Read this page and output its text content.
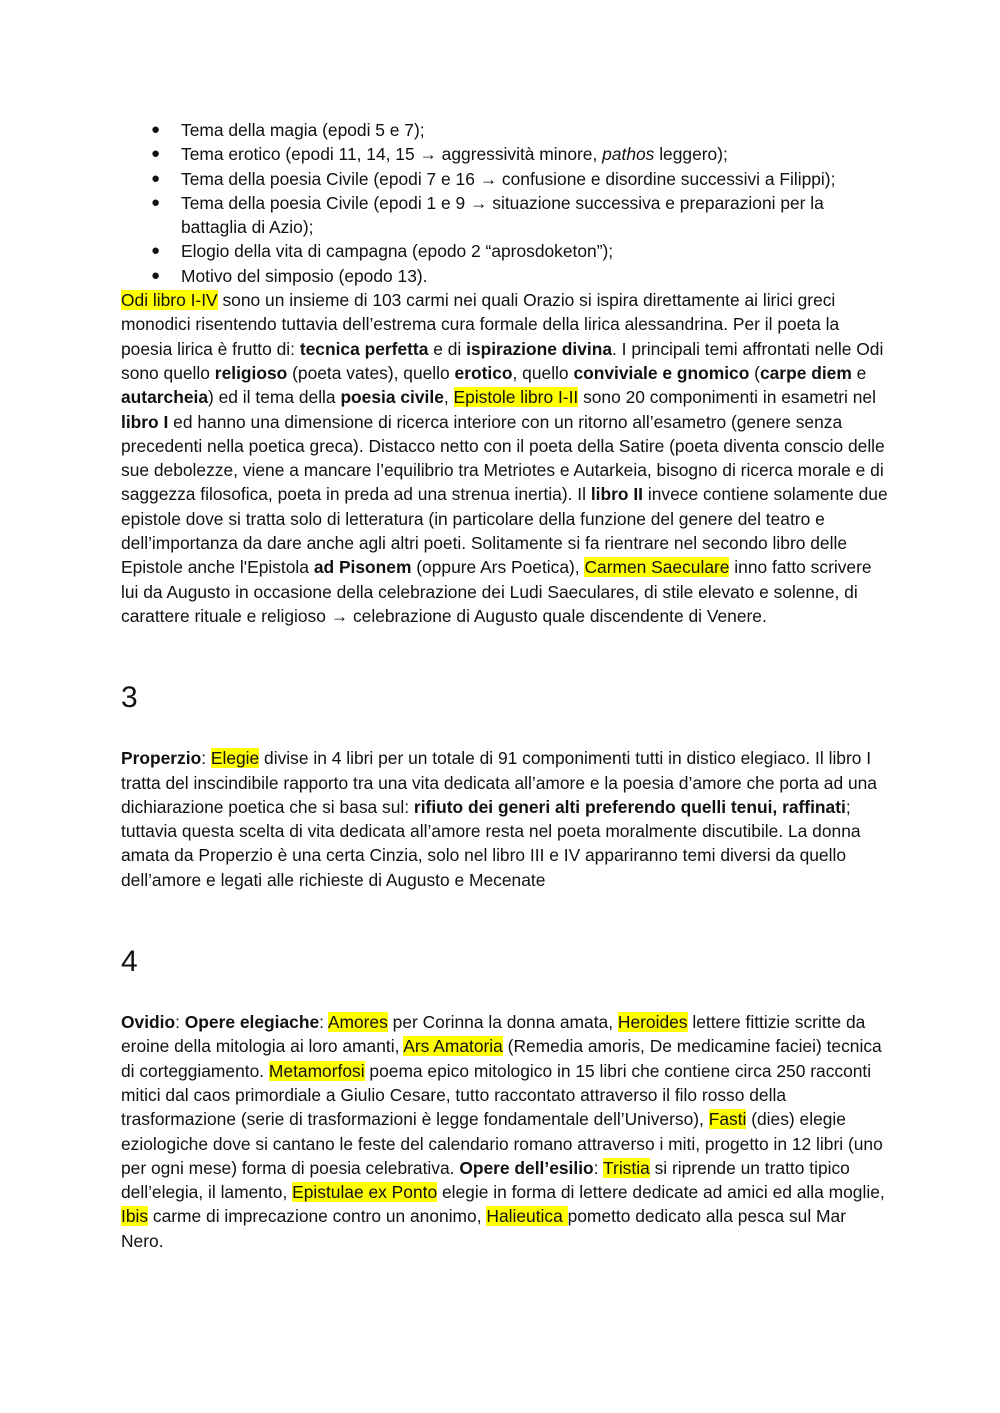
● Tema della magia (epodi 5 e 7);
● Tema erotico (epodi 11, 14, 15 → aggressività minore, pathos leggero);
● Tema della poesia Civile (epodi 7 e 16 → confusione e disordine successivi a Filippi);
● Tema della poesia Civile (epodi 1 e 9 → situazione successiva e preparazioni per la battaglia di Azio);
● Elogio della vita di campagna (epodo 2 “aprosdoketon”);
● Motivo del simposio (epodo 13).

Odi libro I-IV sono un insieme di 103 carmi nei quali Orazio si ispira direttamente ai lirici greci monodici risentendo tuttavia dell’estrema cura formale della lirica alessandrina. Per il poeta la poesia lirica è frutto di: tecnica perfetta e di ispirazione divina. I principali temi affrontati nelle Odi sono quello religioso (poeta vates), quello erotico, quello conviviale e gnomico (carpe diem e autarcheia) ed il tema della poesia civile, Epistole libro I-II sono 20 componimenti in esametri nel libro I ed hanno una dimensione di ricerca interiore con un ritorno all’esametro (genere senza precedenti nella poetica greca). Distacco netto con il poeta della Satire (poeta diventa conscio delle sue debolezze, viene a mancare l’equilibrio tra Metriotes e Autarkeia, bisogno di ricerca morale e di saggezza filosofica, poeta in preda ad una strenua inertia). Il libro II invece contiene solamente due epistole dove si tratta solo di letteratura (in particolare della funzione del genere del teatro e dell’importanza da dare anche agli altri poeti. Solitamente si fa rientrare nel secondo libro delle Epistole anche l'Epistola ad Pisonem (oppure Ars Poetica), Carmen Saeculare inno fatto scrivere lui da Augusto in occasione della celebrazione dei Ludi Saeculares, di stile elevato e solenne, di carattere rituale e religioso → celebrazione di Augusto quale discendente di Venere.

3

Properzio: Elegie divise in 4 libri per un totale di 91 componimenti tutti in distico elegiaco. Il libro I tratta del inscindibile rapporto tra una vita dedicata all’amore e la poesia d’amore che porta ad una dichiarazione poetica che si basa sul: rifiuto dei generi alti preferendo quelli tenui, raffinati; tuttavia questa scelta di vita dedicata all’amore resta nel poeta moralmente discutibile. La donna amata da Properzio è una certa Cinzia, solo nel libro III e IV appariranno temi diversi da quello dell’amore e legati alle richieste di Augusto e Mecenate

4

Ovidio: Opere elegiache: Amores per Corinna la donna amata, Heroides lettere fittizie scritte da eroine della mitologia ai loro amanti, Ars Amatoria (Remedia amoris, De medicamine faciei) tecnica di corteggiamento. Metamorfosi poema epico mitologico in 15 libri che contiene circa 250 racconti mitici dal caos primordiale a Giulio Cesare, tutto raccontato attraverso il filo rosso della trasformazione (serie di trasformazioni è legge fondamentale dell’Universo), Fasti (dies) elegie eziologiche dove si cantano le feste del calendario romano attraverso i miti, progetto in 12 libri (uno per ogni mese) forma di poesia celebrativa. Opere dell’esilio: Tristia si riprende un tratto tipico dell’elegia, il lamento, Epistulae ex Ponto elegie in forma di lettere dedicate ad amici ed alla moglie, Ibis carme di imprecazione contro un anonimo, Halieutica pometto dedicato alla pesca sul Mar Nero.
